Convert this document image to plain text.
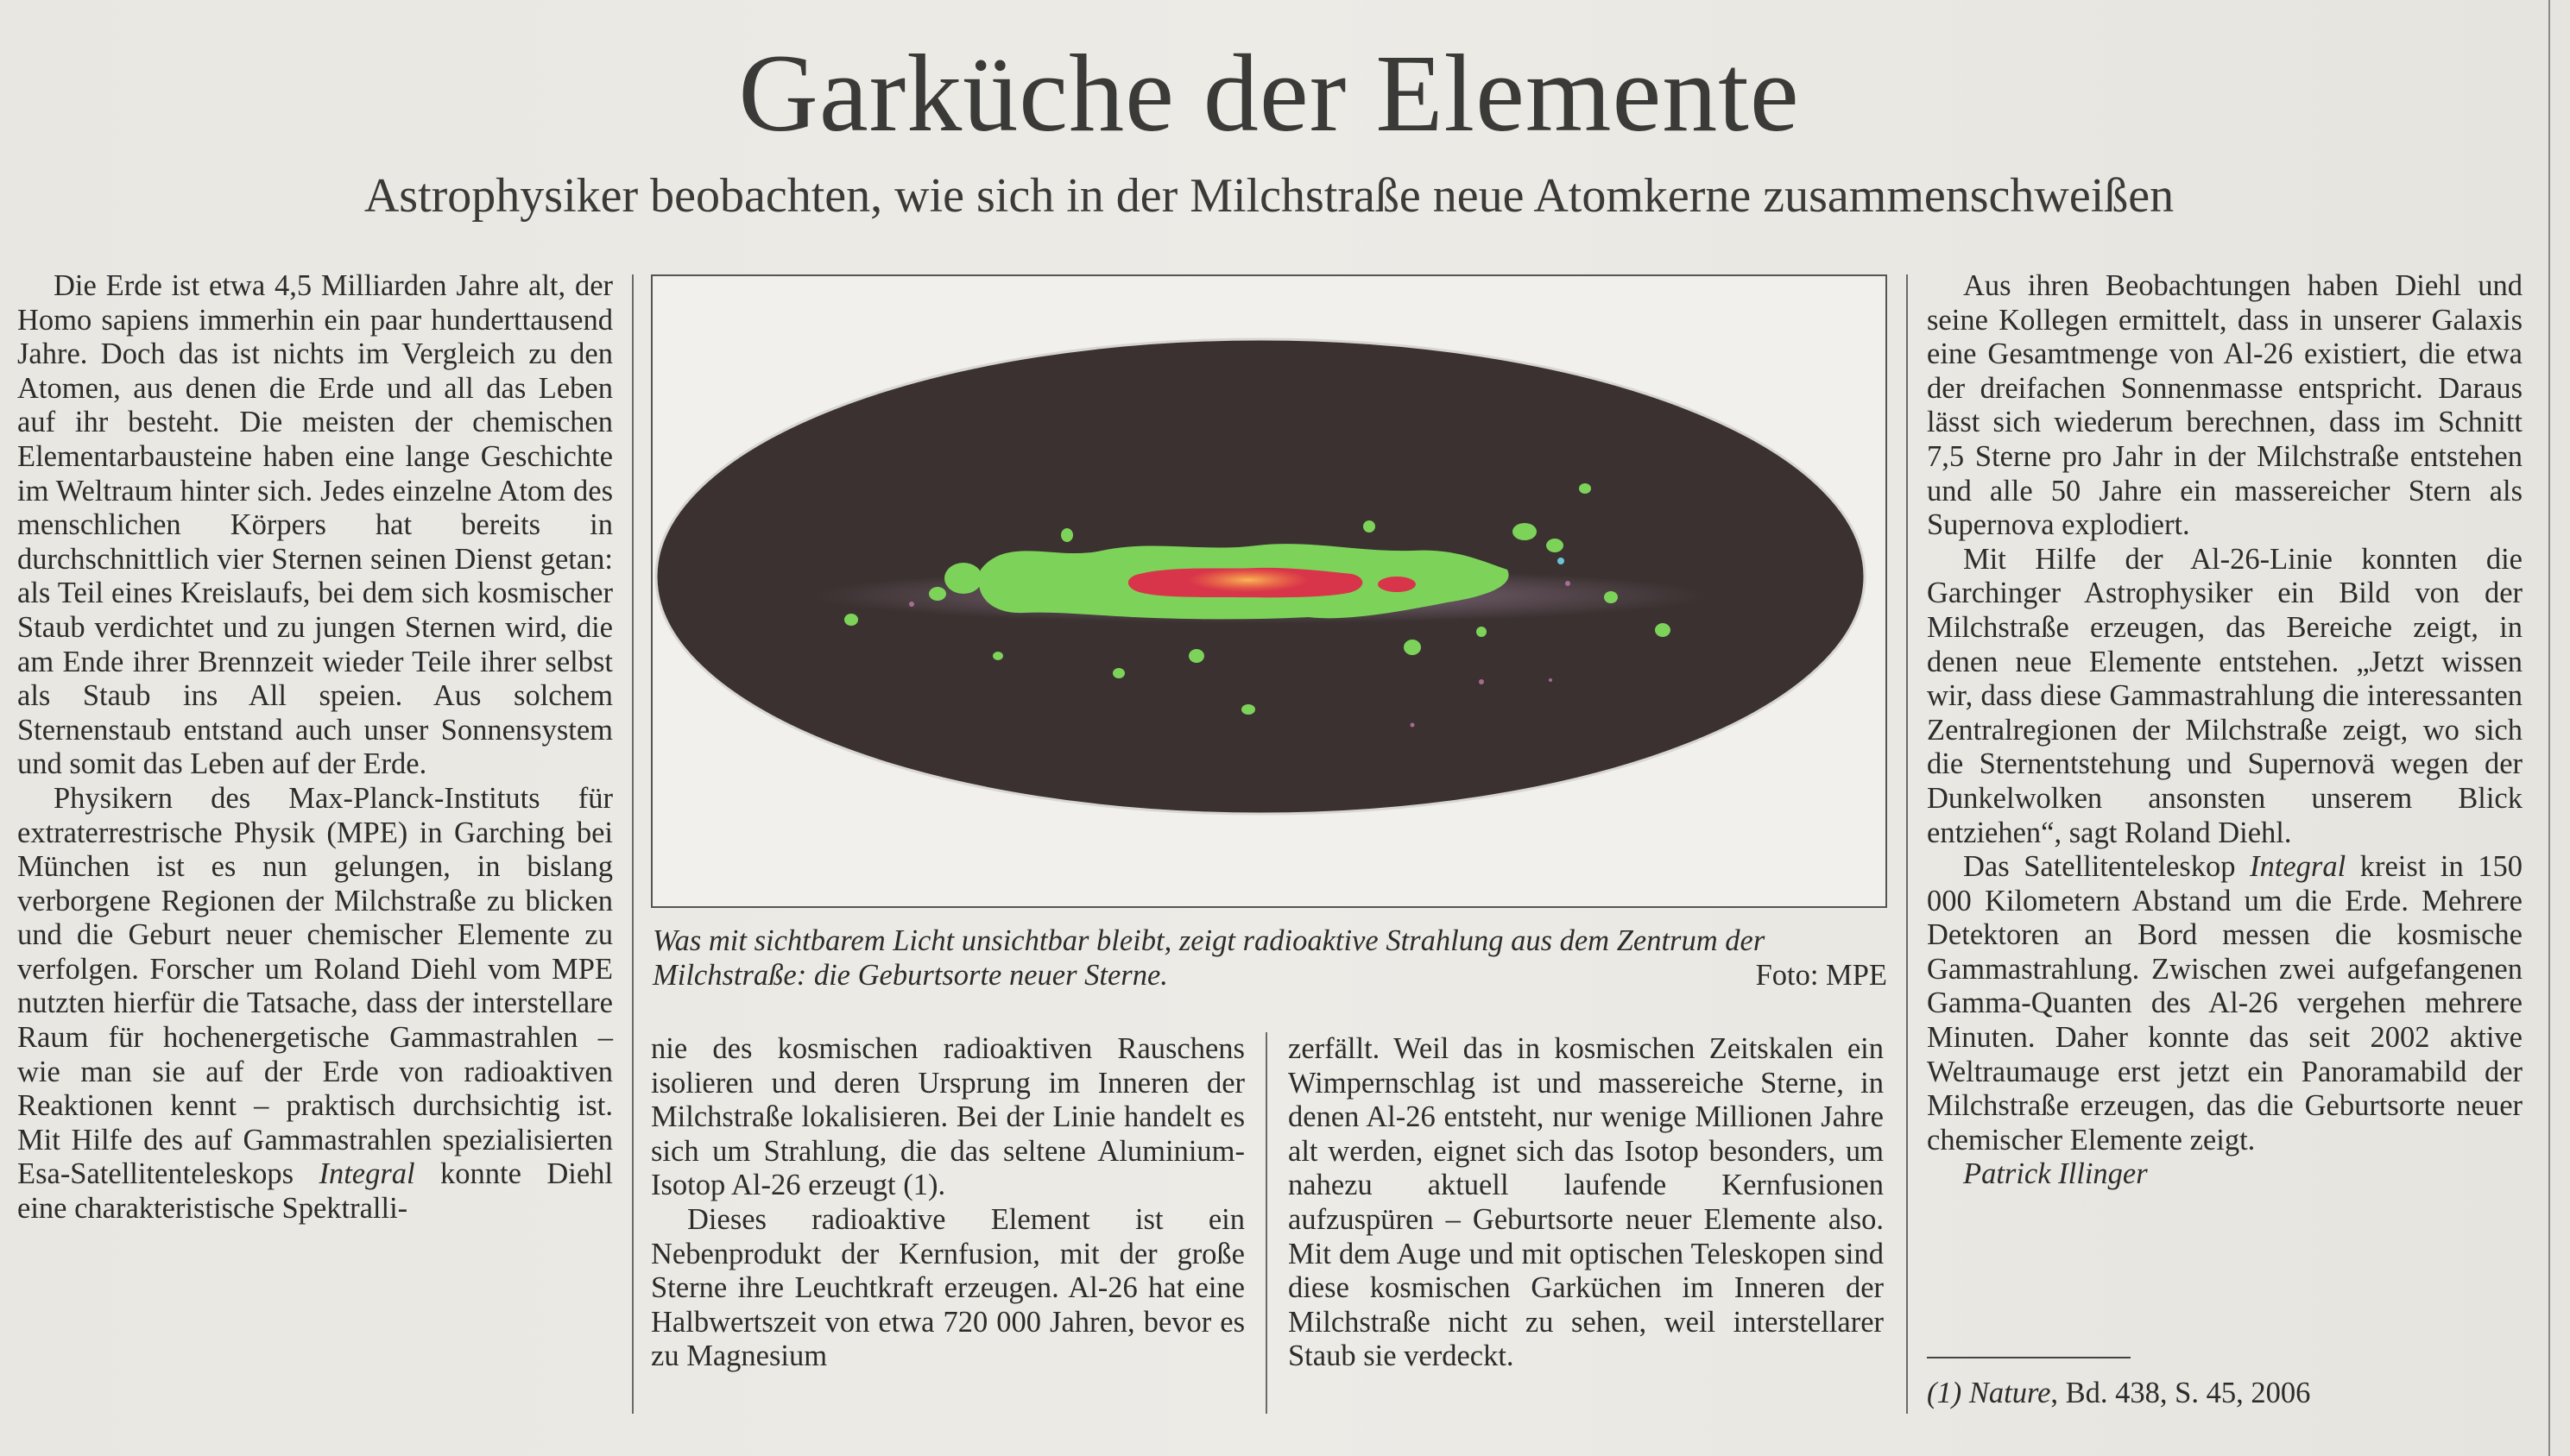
Garküche der Elemente
Astrophysiker beobachten, wie sich in der Milchstraße neue Atomkerne zusammenschweißen

Die Erde ist etwa 4,5 Milliarden Jahre alt, der Homo sapiens immerhin ein paar hunderttausend Jahre. Doch das ist nichts im Vergleich zu den Atomen, aus denen die Erde und all das Leben auf ihr besteht. Die meisten der chemischen Elementarbausteine haben eine lange Geschichte im Weltraum hinter sich. Jedes einzelne Atom des menschlichen Körpers hat bereits in durchschnittlich vier Sternen seinen Dienst getan: als Teil eines Kreislaufs, bei dem sich kosmischer Staub verdichtet und zu jungen Sternen wird, die am Ende ihrer Brennzeit wieder Teile ihrer selbst als Staub ins All speien. Aus solchem Sternenstaub entstand auch unser Sonnensystem und somit das Leben auf der Erde.

Physikern des Max-Planck-Instituts für extraterrestrische Physik (MPE) in Garching bei München ist es nun gelungen, in bislang verborgene Regionen der Milchstraße zu blicken und die Geburt neuer chemischer Elemente zu verfolgen. Forscher um Roland Diehl vom MPE nutzten hierfür die Tatsache, dass der interstellare Raum für hochenergetische Gammastrahlen – wie man sie auf der Erde von radioaktiven Reaktionen kennt – praktisch durchsichtig ist. Mit Hilfe des auf Gammastrahlen spezialisierten Esa-Satellitenteleskops Integral konnte Diehl eine charakteristische Spektralli-

Was mit sichtbarem Licht unsichtbar bleibt, zeigt radioaktive Strahlung aus dem Zentrum der Milchstraße: die Geburtsorte neuer Sterne.	Foto: MPE

nie des kosmischen radioaktiven Rauschens isolieren und deren Ursprung im Inneren der Milchstraße lokalisieren. Bei der Linie handelt es sich um Strahlung, die das seltene Aluminium-Isotop Al-26 erzeugt (1).

Dieses radioaktive Element ist ein Nebenprodukt der Kernfusion, mit der große Sterne ihre Leuchtkraft erzeugen. Al-26 hat eine Halbwertszeit von etwa 720 000 Jahren, bevor es zu Magnesium

zerfällt. Weil das in kosmischen Zeitskalen ein Wimpernschlag ist und massereiche Sterne, in denen Al-26 entsteht, nur wenige Millionen Jahre alt werden, eignet sich das Isotop besonders, um nahezu aktuell laufende Kernfusionen aufzuspüren – Geburtsorte neuer Elemente also. Mit dem Auge und mit optischen Teleskopen sind diese kosmischen Garküchen im Inneren der Milchstraße nicht zu sehen, weil interstellarer Staub sie verdeckt.

Aus ihren Beobachtungen haben Diehl und seine Kollegen ermittelt, dass in unserer Galaxis eine Gesamtmenge von Al-26 existiert, die etwa der dreifachen Sonnenmasse entspricht. Daraus lässt sich wiederum berechnen, dass im Schnitt 7,5 Sterne pro Jahr in der Milchstraße entstehen und alle 50 Jahre ein massereicher Stern als Supernova explodiert.

Mit Hilfe der Al-26-Linie konnten die Garchinger Astrophysiker ein Bild von der Milchstraße erzeugen, das Bereiche zeigt, in denen neue Elemente entstehen. „Jetzt wissen wir, dass diese Gammastrahlung die interessanten Zentralregionen der Milchstraße zeigt, wo sich die Sternentstehung und Supernovä wegen der Dunkelwolken ansonsten unserem Blick entziehen“, sagt Roland Diehl.

Das Satellitenteleskop Integral kreist in 150 000 Kilometern Abstand um die Erde. Mehrere Detektoren an Bord messen die kosmische Gammastrahlung. Zwischen zwei aufgefangenen Gamma-Quanten des Al-26 vergehen mehrere Minuten. Daher konnte das seit 2002 aktive Weltraumauge erst jetzt ein Panoramabild der Milchstraße erzeugen, das die Geburtsorte neuer chemischer Elemente zeigt.

Patrick Illinger

(1) Nature, Bd. 438, S. 45, 2006
